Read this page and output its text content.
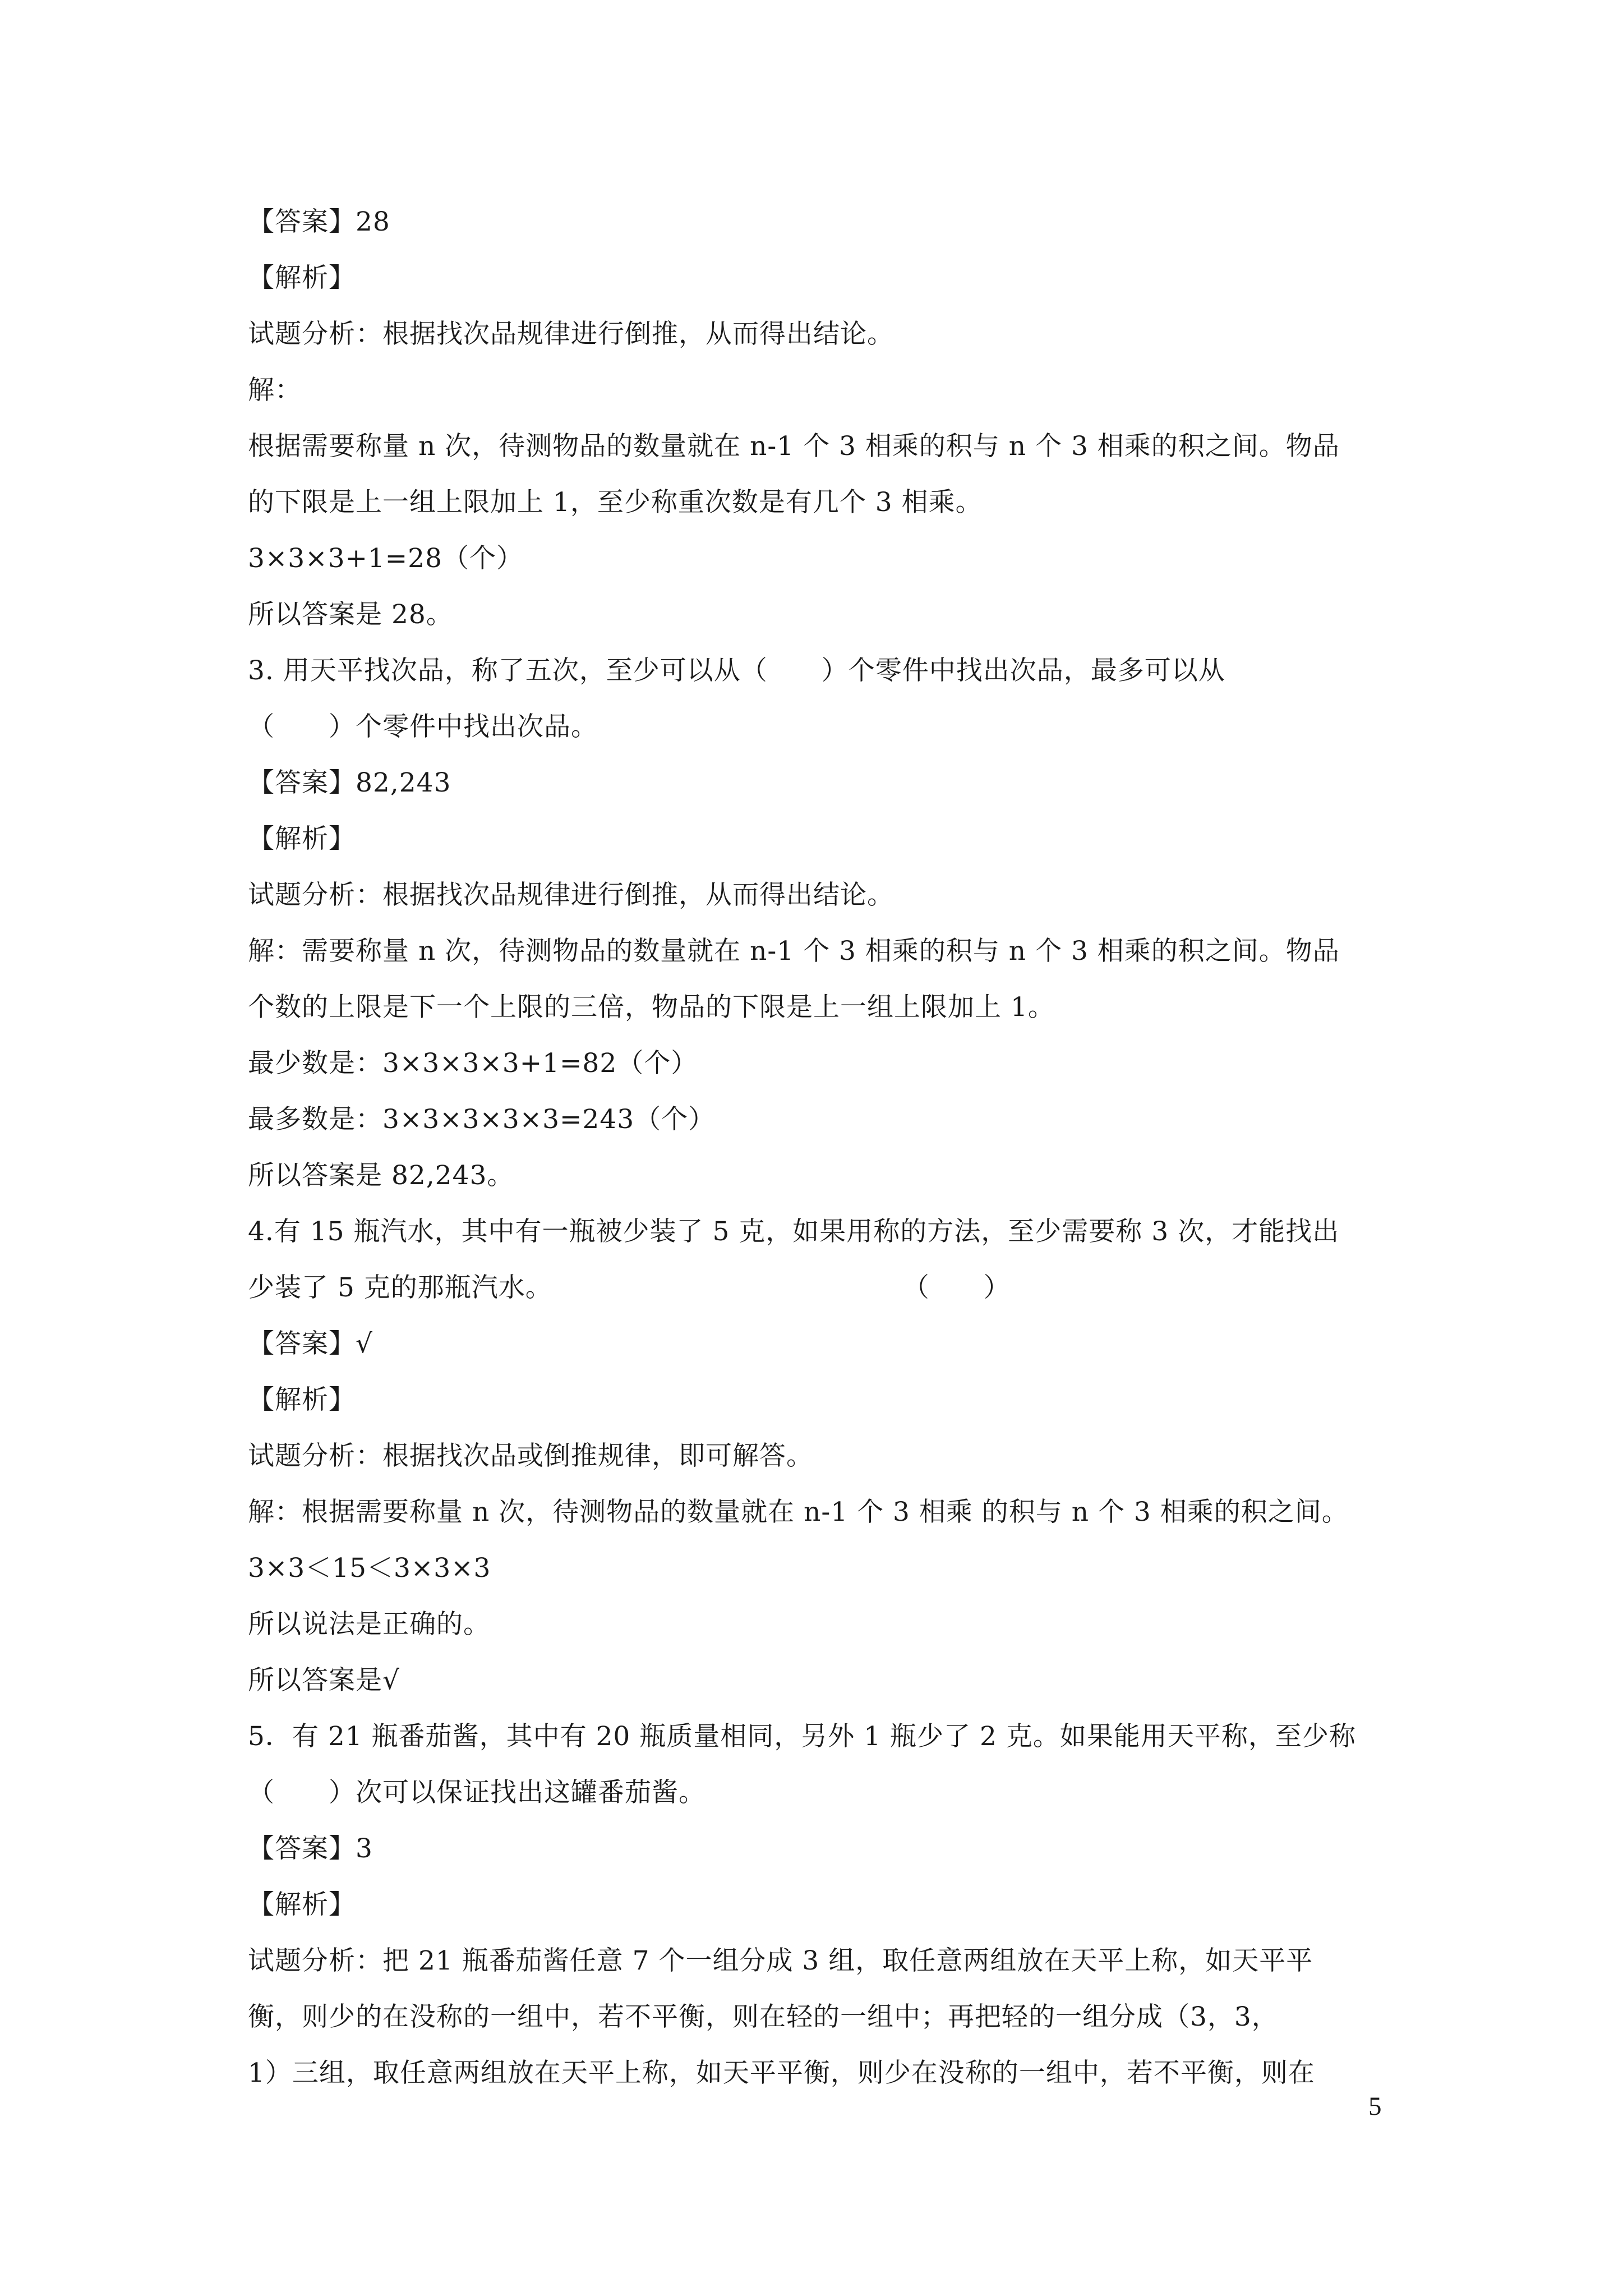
【答案】28
【解析】
试题分析：根据找次品规律进行倒推，从而得出结论。
解：
根据需要称量 n 次，待测物品的数量就在 n-1 个 3 相乘的积与 n 个 3 相乘的积之间。物品
的下限是上一组上限加上 1，至少称重次数是有几个 3 相乘。
3×3×3+1=28（个）
所以答案是 28。
3. 用天平找次品，称了五次，至少可以从（　　）个零件中找出次品，最多可以从
（　　）个零件中找出次品。
【答案】82,243
【解析】
试题分析：根据找次品规律进行倒推，从而得出结论。
解：需要称量 n 次，待测物品的数量就在 n-1 个 3 相乘的积与 n 个 3 相乘的积之间。物品
个数的上限是下一个上限的三倍，物品的下限是上一组上限加上 1。
最少数是：3×3×3×3+1=82（个）
最多数是：3×3×3×3×3=243（个）
所以答案是 82,243。
4.有 15 瓶汽水，其中有一瓶被少装了 5 克，如果用称的方法，至少需要称 3 次，才能找出
少装了 5 克的那瓶汽水。　　　　　　　　　　　　　　（　　）
【答案】√
【解析】
试题分析：根据找次品或倒推规律，即可解答。
解：根据需要称量 n 次，待测物品的数量就在 n-1 个 3 相乘 的积与 n 个 3 相乘的积之间。
3×3＜15＜3×3×3
所以说法是正确的。
所以答案是√
5．有 21 瓶番茄酱，其中有 20 瓶质量相同，另外 1 瓶少了 2 克。如果能用天平称，至少称
（　　）次可以保证找出这罐番茄酱。
【答案】3
【解析】
试题分析：把 21 瓶番茄酱任意 7 个一组分成 3 组，取任意两组放在天平上称，如天平平
衡，则少的在没称的一组中，若不平衡，则在轻的一组中；再把轻的一组分成（3，3，
1）三组，取任意两组放在天平上称，如天平平衡，则少在没称的一组中，若不平衡，则在
5
